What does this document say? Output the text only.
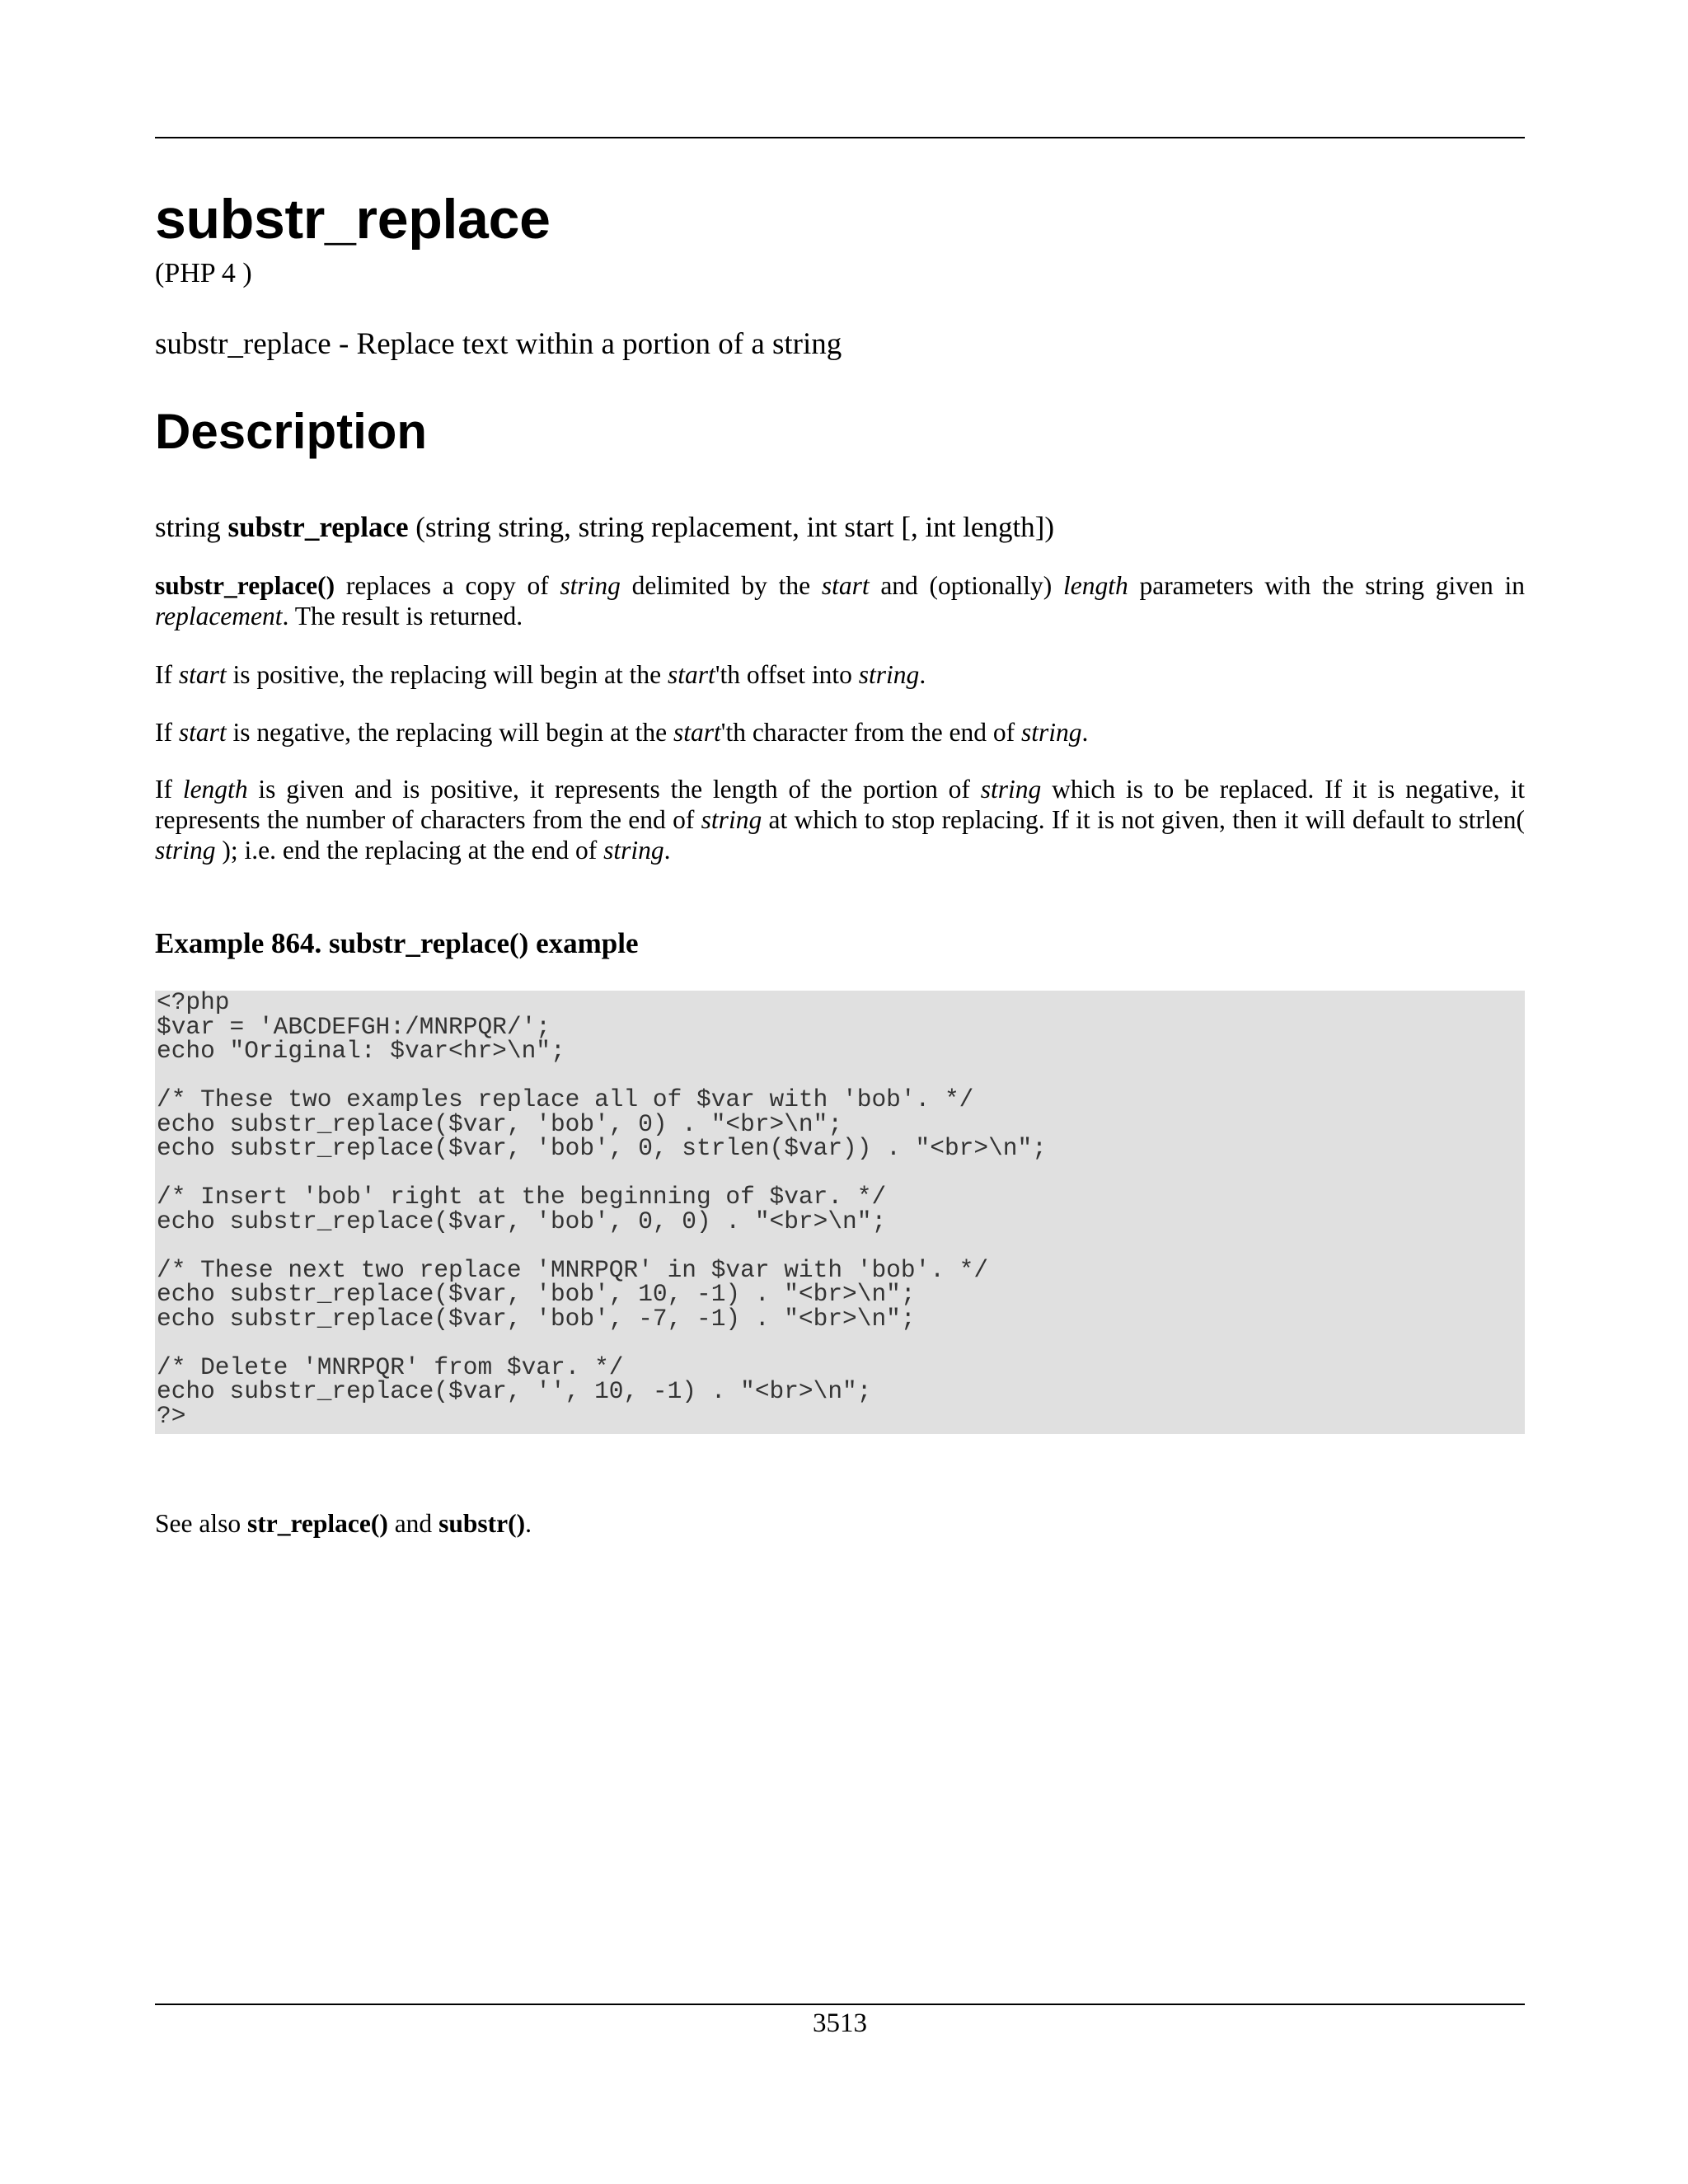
substr_replace
(PHP 4 )
substr_replace - Replace text within a portion of a string
Description
string substr_replace (string string, string replacement, int start [, int length])

substr_replace() replaces a copy of string delimited by the start and (optionally) length parameters with the string given in replacement. The result is returned.

If start is positive, the replacing will begin at the start'th offset into string.

If start is negative, the replacing will begin at the start'th character from the end of string.

If length is given and is positive, it represents the length of the portion of string which is to be replaced. If it is negative, it represents the number of characters from the end of string at which to stop replacing. If it is not given, then it will default to strlen( string ); i.e. end the replacing at the end of string.

Example 864. substr_replace() example
<?php
$var = 'ABCDEFGH:/MNRPQR/';
echo "Original: $var<hr>\n";

/* These two examples replace all of $var with 'bob'. */
echo substr_replace($var, 'bob', 0) . "<br>\n";
echo substr_replace($var, 'bob', 0, strlen($var)) . "<br>\n";

/* Insert 'bob' right at the beginning of $var. */
echo substr_replace($var, 'bob', 0, 0) . "<br>\n";

/* These next two replace 'MNRPQR' in $var with 'bob'. */
echo substr_replace($var, 'bob', 10, -1) . "<br>\n";
echo substr_replace($var, 'bob', -7, -1) . "<br>\n";

/* Delete 'MNRPQR' from $var. */
echo substr_replace($var, '', 10, -1) . "<br>\n";
?>

See also str_replace() and substr().

3513
